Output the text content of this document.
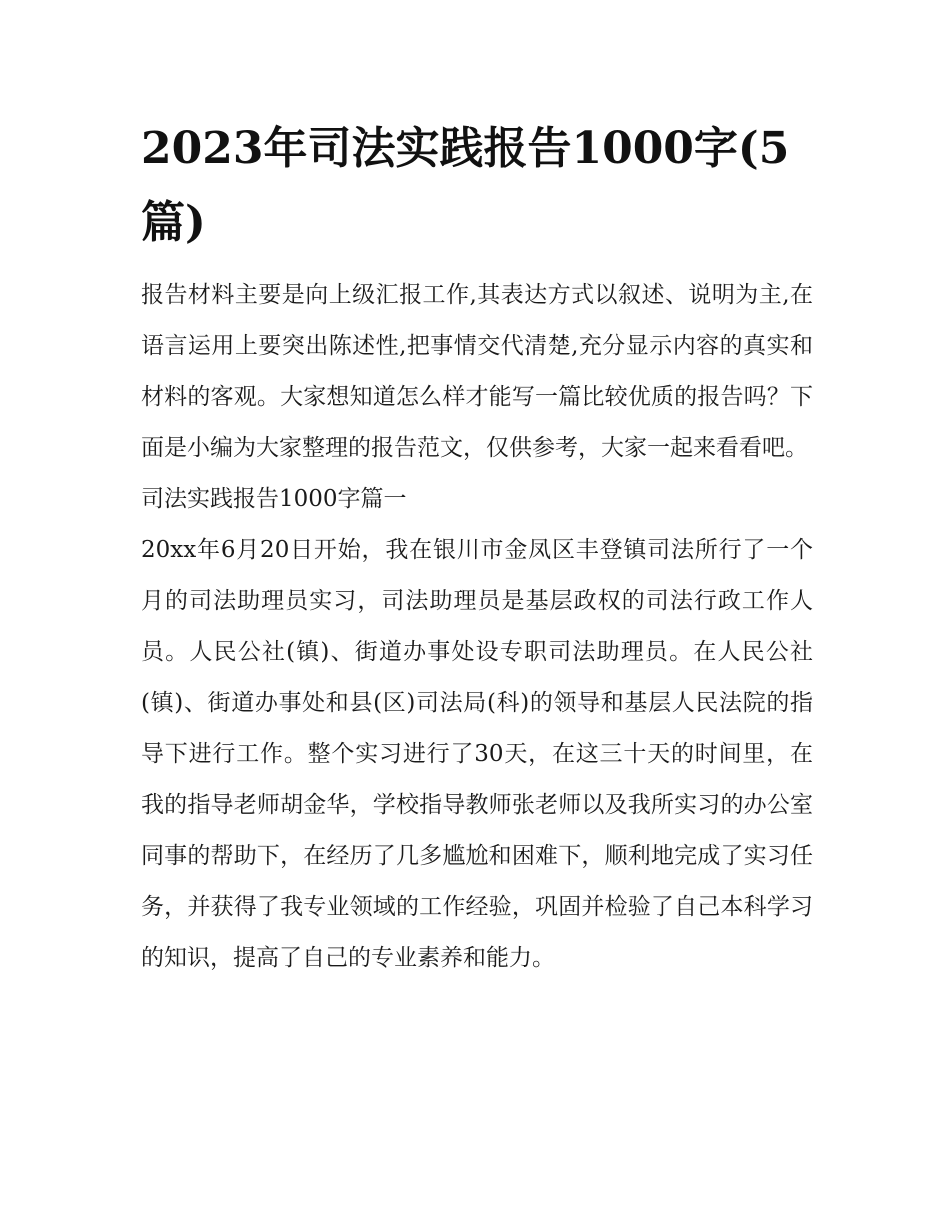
2023年司法实践报告1000字(5篇)

报告材料主要是向上级汇报工作,其表达方式以叙述、说明为主,在语言运用上要突出陈述性,把事情交代清楚,充分显示内容的真实和材料的客观。大家想知道怎么样才能写一篇比较优质的报告吗？下面是小编为大家整理的报告范文，仅供参考，大家一起来看看吧。

司法实践报告1000字篇一

20xx年6月20日开始，我在银川市金凤区丰登镇司法所行了一个月的司法助理员实习，司法助理员是基层政权的司法行政工作人员。人民公社(镇)、街道办事处设专职司法助理员。在人民公社(镇)、街道办事处和县(区)司法局(科)的领导和基层人民法院的指导下进行工作。整个实习进行了30天，在这三十天的时间里，在我的指导老师胡金华，学校指导教师张老师以及我所实习的办公室同事的帮助下，在经历了几多尴尬和困难下，顺利地完成了实习任务，并获得了我专业领域的工作经验，巩固并检验了自己本科学习的知识，提高了自己的专业素养和能力。
